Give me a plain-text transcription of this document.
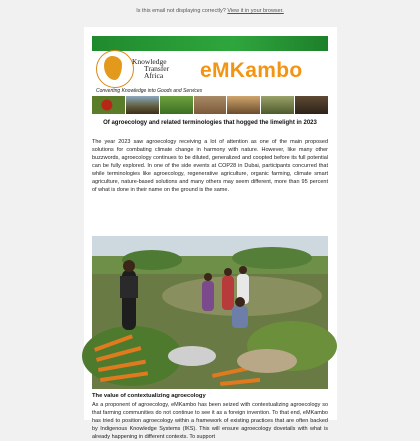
Is this email not displaying correctly? View it in your browser.
Knowledge
Transfer
Africa
Converting Knowledge into Goods and Services
eMKambo
Of agroecology and related terminologies that hogged the limelight in 2023
The year 2023 saw agroecology receiving a lot of attention as one of the main proposed solutions for combating climate change in harmony with nature. However, like many other buzzwords, agroecology continues to be diluted, generalized and coopted before its full potential can be fully explored. In one of the side events at COP28 in Dubai, participants concurred that while terminologies like agroecology, regenerative agriculture, organic farming, climate smart agriculture, nature-based solutions and many others may seem different, more than 95 percent of what is done in their name on the ground is the same.
The value of contextualizing agroecology
As a proponent of agroecology, eMKambo has been seized with contextualizing agroecology so that farming communities do not continue to see it as a foreign invention. To that end, eMKambo has tried to position agroecology within a framework of existing practices that are often backed by Indigenous Knowledge Systems (IKS). This will ensure agroecology dovetails with what is already happening in different contexts. To support
